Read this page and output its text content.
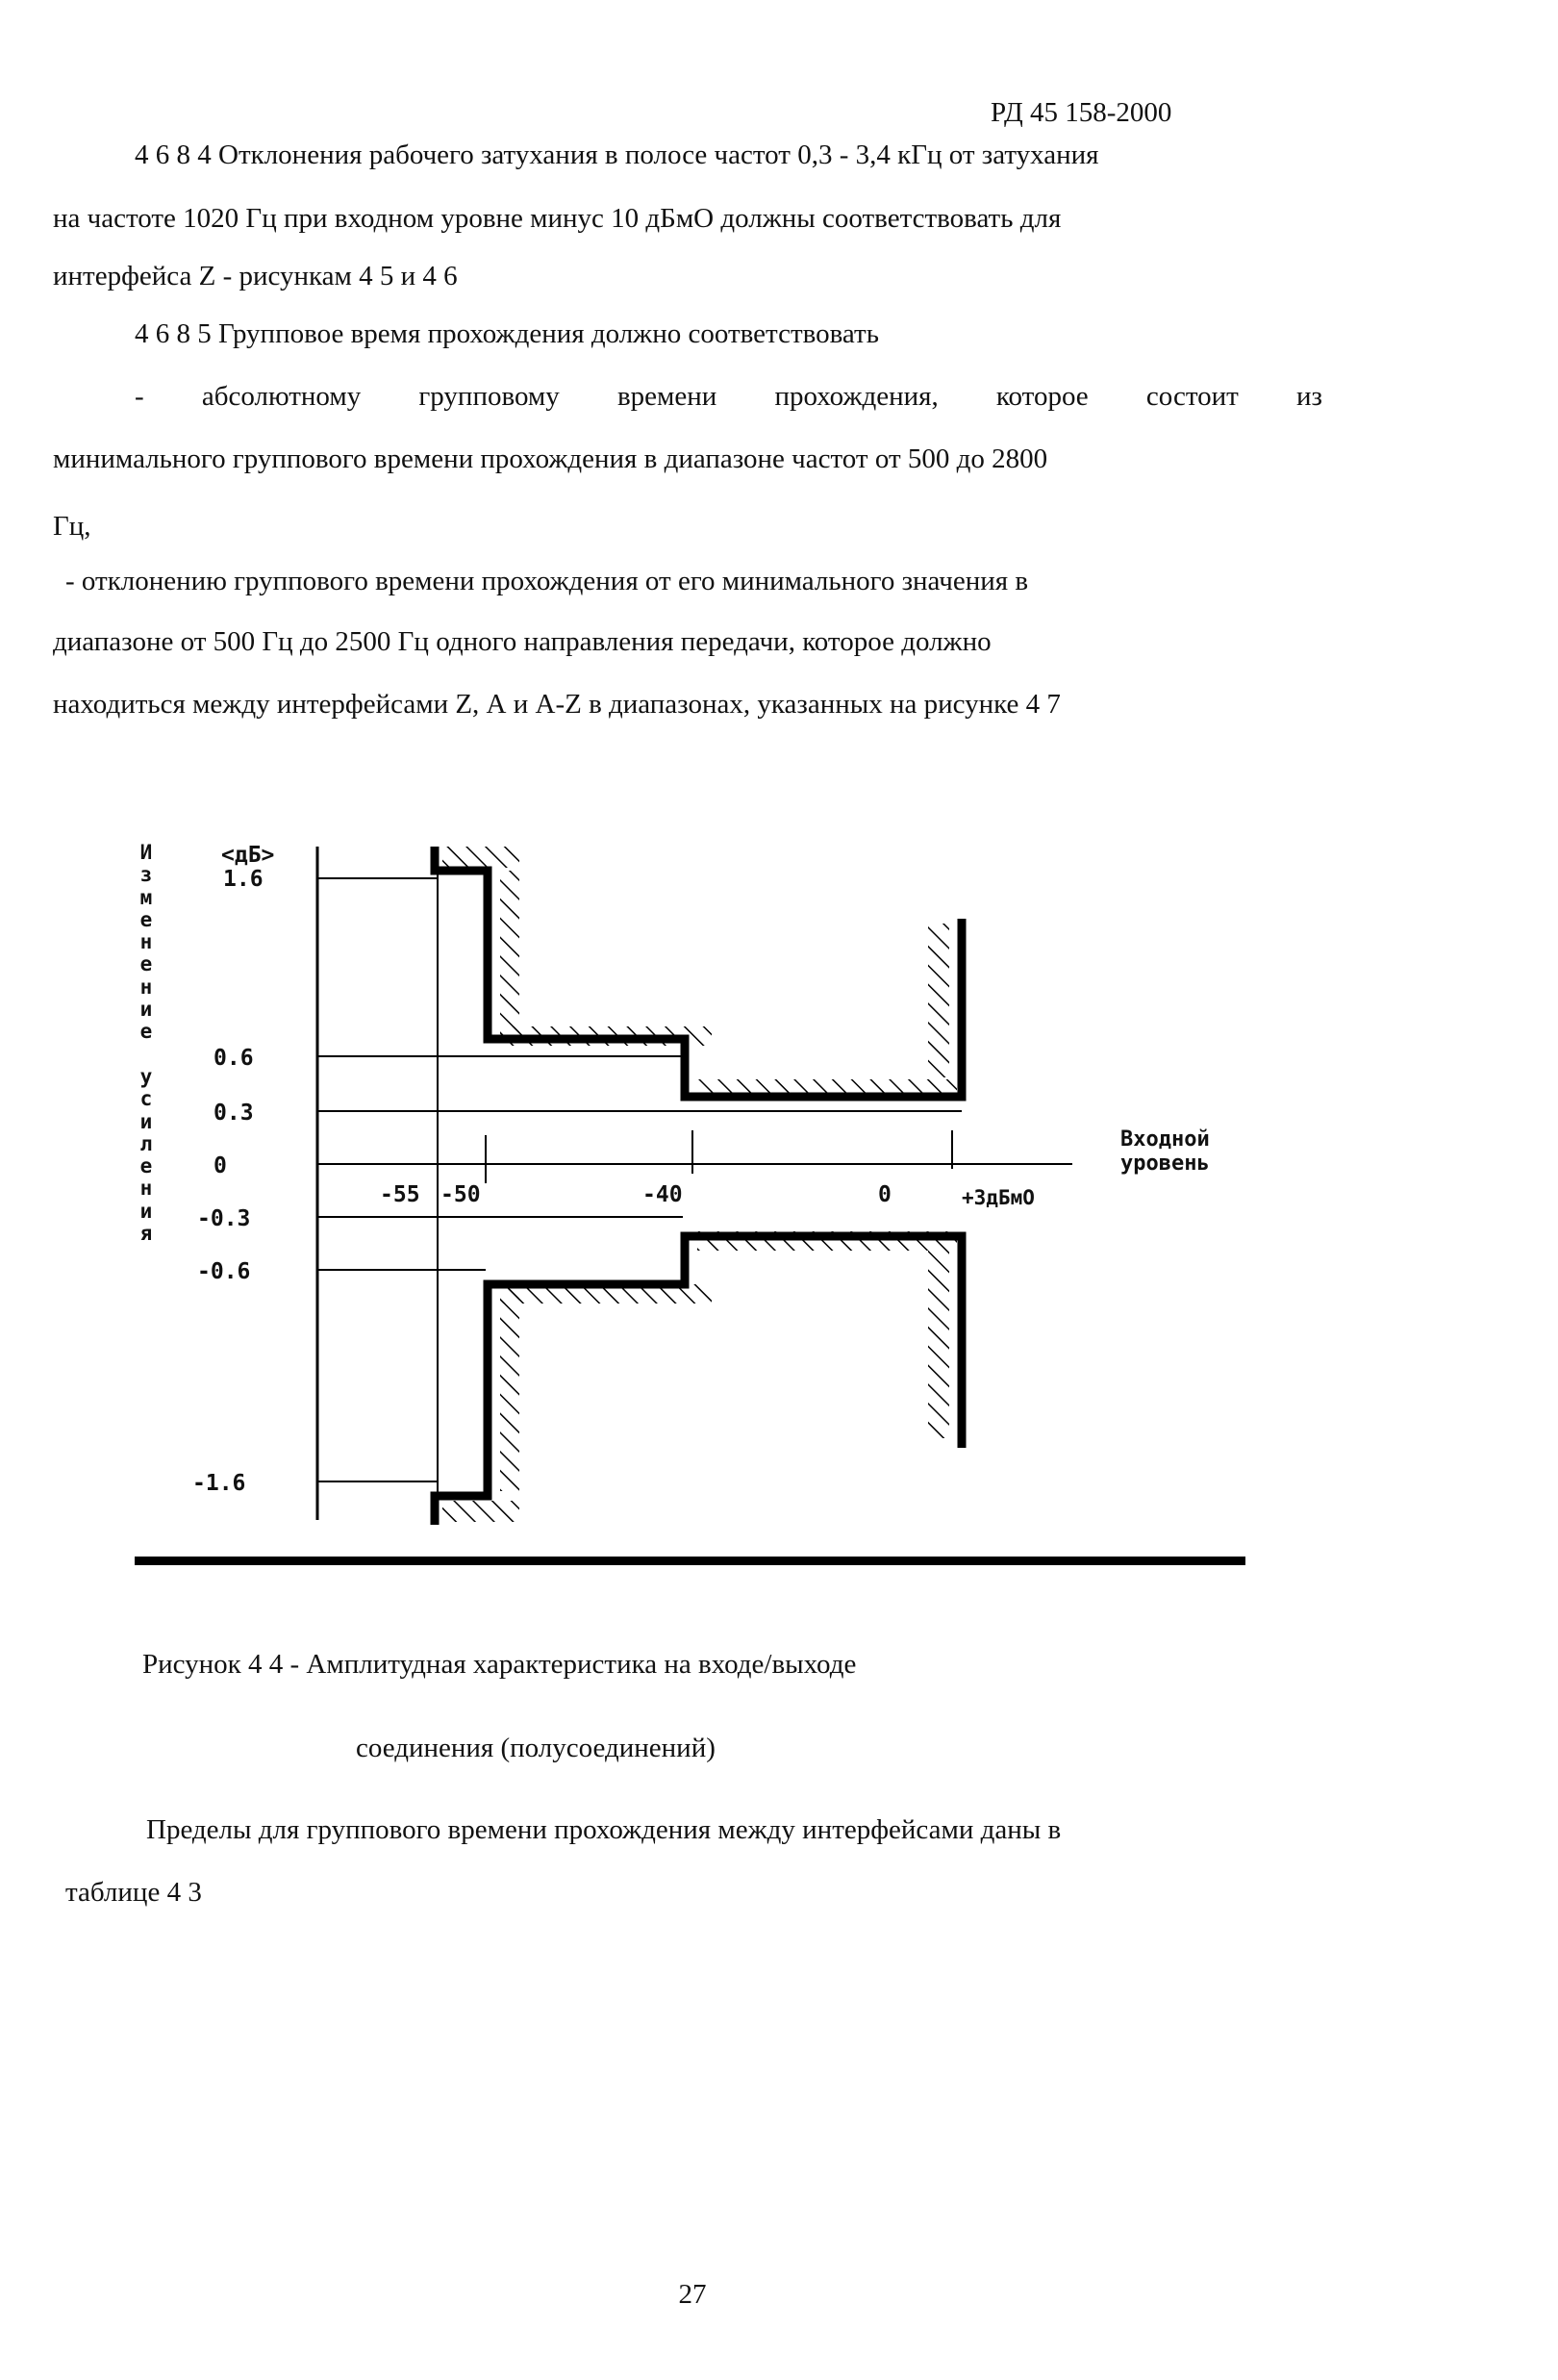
РД 45 158-2000
4 6 8 4 Отклонения рабочего затухания в полосе частот 0,3 - 3,4 кГц от затухания
на частоте 1020 Гц при входном уровне минус 10 дБмО должны соответствовать для
интерфейса Z - рисункам 4 5 и 4 6
4 6 8 5 Групповое время прохождения должно соответствовать
- абсолютному групповому времени прохождения, которое состоит из
минимального группового времени прохождения в диапазоне частот от 500 до 2800
Гц,
- отклонению группового времени прохождения от его минимального значения в
диапазоне от 500 Гц до 2500 Гц одного направления передачи, которое должно
находиться между интерфейсами Z, А и А-Z в диапазонах, указанных на рисунке 4 7
И
з
м
е
н
е
н
и
е
у
с
и
л
е
н
и
я
<дБ>
1.6
0.6
0.3
0
-0.3
-0.6
-1.6
-55 -50	-40	0	+3дБмО
Входной
уровень
Рисунок 4 4 - Амплитудная характеристика на входе/выходе
соединения (полусоединений)
Пределы для группового времени прохождения между интерфейсами даны в
таблице 4 3
27
